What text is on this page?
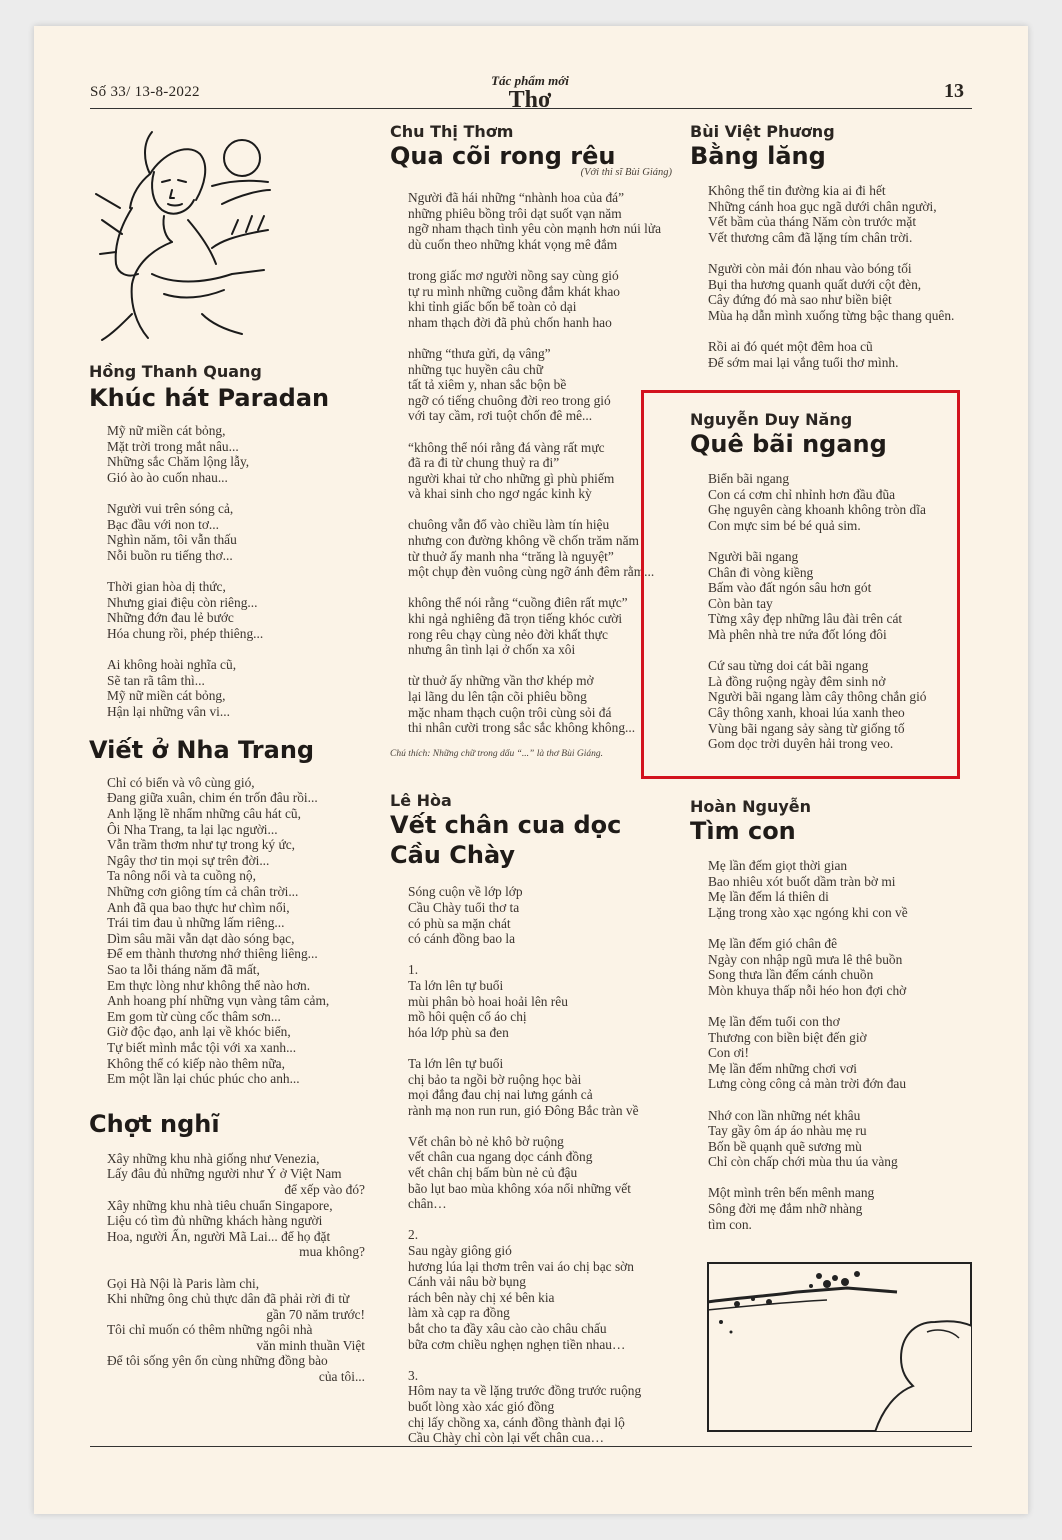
Số 33/ 13-8-2022
Tác phẩm mới
Thơ	13
Hồng Thanh Quang
Khúc hát Paradan
Mỹ nữ miền cát bỏng,
Mặt trời trong mắt nâu...
Những sắc Chăm lộng lẫy,
Gió ào ào cuốn nhau...
Người vui trên sóng cả,
Bạc đầu với non tơ...
Nghìn năm, tôi vẫn thấu
Nỗi buồn ru tiếng thơ...
Thời gian hòa dị thức,
Nhưng giai điệu còn riêng...
Những đớn đau lẻ bước
Hóa chung rồi, phép thiêng...
Ai không hoài nghĩa cũ,
Sẽ tan rã tâm thì...
Mỹ nữ miền cát bỏng,
Hận lại những vân vi...
Viết ở Nha Trang
Chỉ có biển và vô cùng gió,
Đang giữa xuân, chim én trốn đâu rồi...
Anh lặng lẽ nhẩm những câu hát cũ,
Ôi Nha Trang, ta lại lạc người...
Vẫn trầm thơm như tự trong ký ức,
Ngây thơ tin mọi sự trên đời...
Ta nông nổi và ta cuồng nộ,
Những cơn giông tím cả chân trời...
Anh đã qua bao thực hư chìm nổi,
Trái tim đau ủ những lấm riêng...
Dìm sâu mãi vẫn dạt dào sóng bạc,
Để em thành thương nhớ thiêng liêng...
Sao ta lỗi tháng năm đã mất,
Em thực lòng như không thể nào hơn.
Anh hoang phí những vụn vàng tâm cảm,
Em gom từ cùng cốc thâm sơn...
Giờ độc đạo, anh lại về khóc biển,
Tự biết mình mắc tội với xa xanh...
Không thể có kiếp nào thêm nữa,
Em một lần lại chúc phúc cho anh...
Chợt nghĩ
Xây những khu nhà giống như Venezia,
Lấy đâu đủ những người như Ý ở Việt Nam
để xếp vào đó?
Xây những khu nhà tiêu chuẩn Singapore,
Liệu có tìm đủ những khách hàng người
Hoa, người Ấn, người Mã Lai... để họ đặt
mua không?
Gọi Hà Nội là Paris làm chi,
Khi những ông chủ thực dân đã phải rời đi từ
gần 70 năm trước!
Tôi chỉ muốn có thêm những ngôi nhà
văn minh thuần Việt
Để tôi sống yên ổn cùng những đồng bào
của tôi...
Chu Thị Thơm
Qua cõi rong rêu
(Với thi sĩ Bùi Giáng)
Người đã hái những “nhành hoa của đá”
những phiêu bồng trôi dạt suốt vạn năm
ngỡ nham thạch tình yêu còn mạnh hơn núi lửa
dù cuốn theo những khát vọng mê đắm
trong giấc mơ người nồng say cùng gió
tự ru mình những cuồng đắm khát khao
khi tỉnh giấc bốn bể toàn cỏ dại
nham thạch đời đã phủ chốn hanh hao
những “thưa gửi, dạ vâng”
những tục huyền câu chữ
tất tả xiêm y, nhan sắc bộn bề
ngỡ có tiếng chuông đời reo trong gió
với tay cầm, rơi tuột chốn đê mê...
“không thể nói rằng đá vàng rất mực
đã ra đi từ chung thuỷ ra đi”
người khai tử cho những gì phù phiếm
và khai sinh cho ngơ ngác kinh kỳ
chuông vẫn đổ vào chiều làm tín hiệu
nhưng con đường không về chốn trăm năm
từ thuở ấy manh nha “trăng là nguyệt”
một chụp đèn vuông cùng ngỡ ánh đêm rằm...
không thể nói rằng “cuồng điên rất mực”
khi ngả nghiêng đã trọn tiếng khóc cười
rong rêu chạy cùng nẻo đời khất thực
nhưng ân tình lại ở chốn xa xôi
từ thuở ấy những vần thơ khép mở
lại lãng du lên tận cõi phiêu bồng
mặc nham thạch cuộn trôi cùng sỏi đá
thi nhân cười trong sắc sắc không không...
Chú thích: Những chữ trong dấu “...” là thơ Bùi Giáng.
Lê Hòa
Vết chân cua dọc
Cầu Chày
Sóng cuộn về lớp lớp
Cầu Chày tuổi thơ ta
có phù sa mặn chát
có cánh đồng bao la
1.
Ta lớn lên tự buổi
mùi phân bò hoai hoải lên rêu
mồ hôi quện cổ áo chị
hóa lớp phù sa đen
Ta lớn lên tự buổi
chị bảo ta ngồi bờ ruộng học bài
mọi đắng đau chị nai lưng gánh cả
rành mạ non run run, gió Đông Bắc tràn về
Vết chân bò nẻ khô bờ ruộng
vết chân cua ngang dọc cánh đồng
vết chân chị bấm bùn nẻ củ đậu
bão lụt bao mùa không xóa nổi những vết
chân…
2.
Sau ngày giông gió
hương lúa lại thơm trên vai áo chị bạc sờn
Cánh vải nâu bờ bụng
rách bên này chị xé bên kia
làm xà cạp ra đồng
bắt cho ta đầy xâu cào cào châu chấu
bữa cơm chiều nghẹn nghẹn tiền nhau…
3.
Hôm nay ta về lặng trước đồng trước ruộng
buốt lòng xào xác gió đồng
chị lấy chồng xa, cánh đồng thành đại lộ
Cầu Chày chỉ còn lại vết chân cua…
Bùi Việt Phương
Bằng lăng
Không thể tin đường kia ai đi hết
Những cánh hoa gục ngã dưới chân người,
Vết bầm của tháng Năm còn trước mặt
Vết thương câm đã lặng tím chân trời.
Người còn mải đón nhau vào bóng tối
Bụi tha hương quanh quất dưới cột đèn,
Cây đứng đó mà sao như biền biệt
Mùa hạ dẫn mình xuống từng bậc thang quên.
Rồi ai đó quét một đêm hoa cũ
Để sớm mai lại vắng tuổi thơ mình.
Nguyễn Duy Năng
Quê bãi ngang
Biển bãi ngang
Con cá cơm chỉ nhỉnh hơn đầu đũa
Ghẹ nguyên càng khoanh không tròn dĩa
Con mực sim bé bé quả sim.
Người bãi ngang
Chân đi vòng kiềng
Bấm vào đất ngón sâu hơn gót
Còn bàn tay
Từng xây đẹp những lâu đài trên cát
Mà phên nhà tre nứa đốt lóng đôi
Cứ sau từng doi cát bãi ngang
Là đồng ruộng ngày đêm sinh nở
Người bãi ngang làm cây thông chắn gió
Cây thông xanh, khoai lúa xanh theo
Vùng bãi ngang sảy sàng từ giống tố
Gom dọc trời duyên hải trong veo.
Hoàn Nguyễn
Tìm con
Mẹ lần đếm giọt thời gian
Bao nhiêu xót buốt dầm tràn bờ mi
Mẹ lần đếm lá thiên di
Lặng trong xào xạc ngóng khi con về
Mẹ lần đếm gió chân đê
Ngày con nhập ngũ mưa lê thê buồn
Song thưa lần đếm cánh chuồn
Mòn khuya thấp nỗi héo hon đợi chờ
Mẹ lần đếm tuổi con thơ
Thương con biền biệt đến giờ
Con ơi!
Mẹ lần đếm những chơi vơi
Lưng còng công cả màn trời đớn đau
Nhớ con lần những nét khâu
Tay gầy ôm áp áo nhàu mẹ ru
Bốn bề quạnh quẽ sương mù
Chỉ còn chấp chới mùa thu úa vàng
Một mình trên bến mênh mang
Sông đời mẹ đắm nhỡ nhàng
tìm con.
